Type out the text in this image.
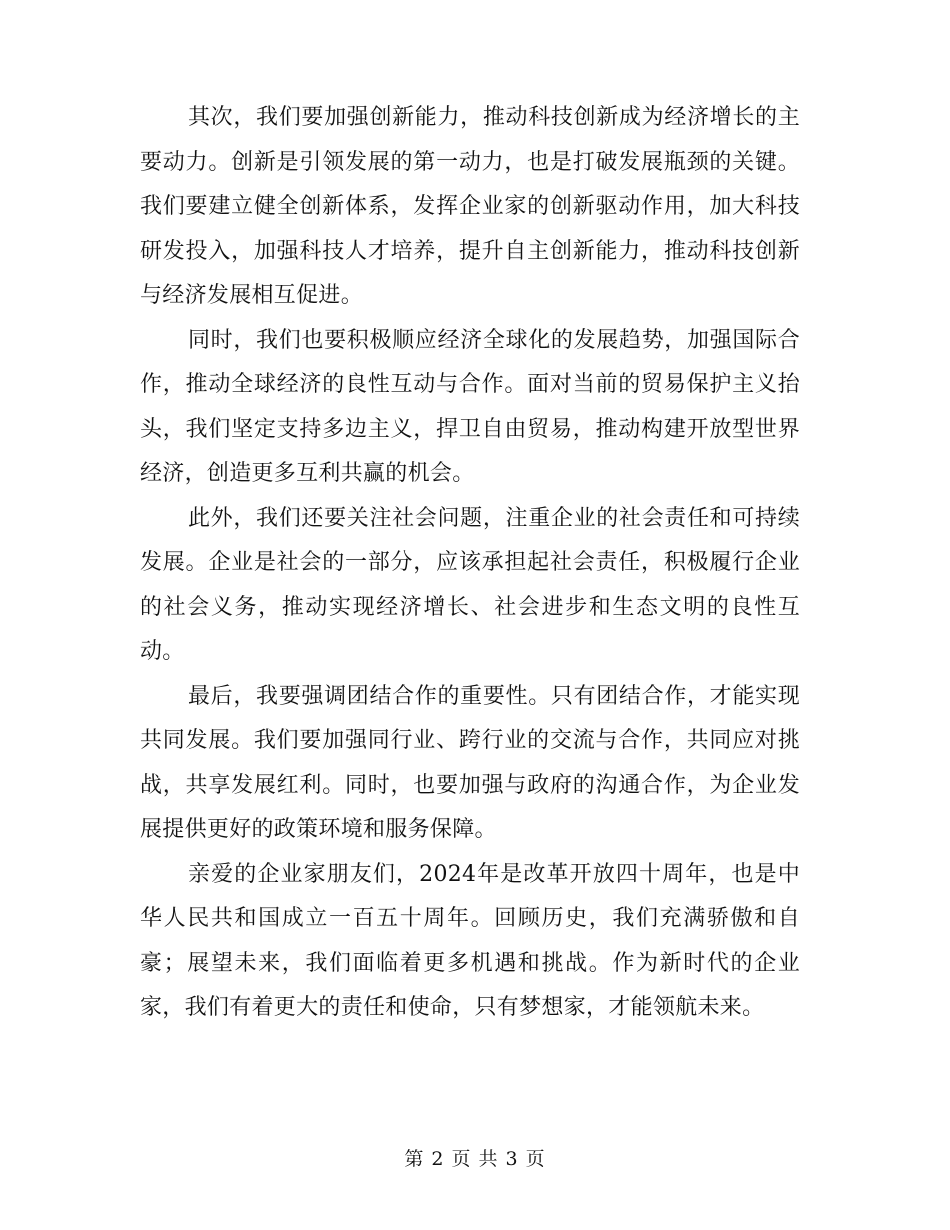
其次，我们要加强创新能力，推动科技创新成为经济增长的主要动力。创新是引领发展的第一动力，也是打破发展瓶颈的关键。我们要建立健全创新体系，发挥企业家的创新驱动作用，加大科技研发投入，加强科技人才培养，提升自主创新能力，推动科技创新与经济发展相互促进。

同时，我们也要积极顺应经济全球化的发展趋势，加强国际合作，推动全球经济的良性互动与合作。面对当前的贸易保护主义抬头，我们坚定支持多边主义，捍卫自由贸易，推动构建开放型世界经济，创造更多互利共赢的机会。

此外，我们还要关注社会问题，注重企业的社会责任和可持续发展。企业是社会的一部分，应该承担起社会责任，积极履行企业的社会义务，推动实现经济增长、社会进步和生态文明的良性互动。

最后，我要强调团结合作的重要性。只有团结合作，才能实现共同发展。我们要加强同行业、跨行业的交流与合作，共同应对挑战，共享发展红利。同时，也要加强与政府的沟通合作，为企业发展提供更好的政策环境和服务保障。

亲爱的企业家朋友们，2024年是改革开放四十周年，也是中华人民共和国成立一百五十周年。回顾历史，我们充满骄傲和自豪；展望未来，我们面临着更多机遇和挑战。作为新时代的企业家，我们有着更大的责任和使命，只有梦想家，才能领航未来。

第 2 页 共 3 页
